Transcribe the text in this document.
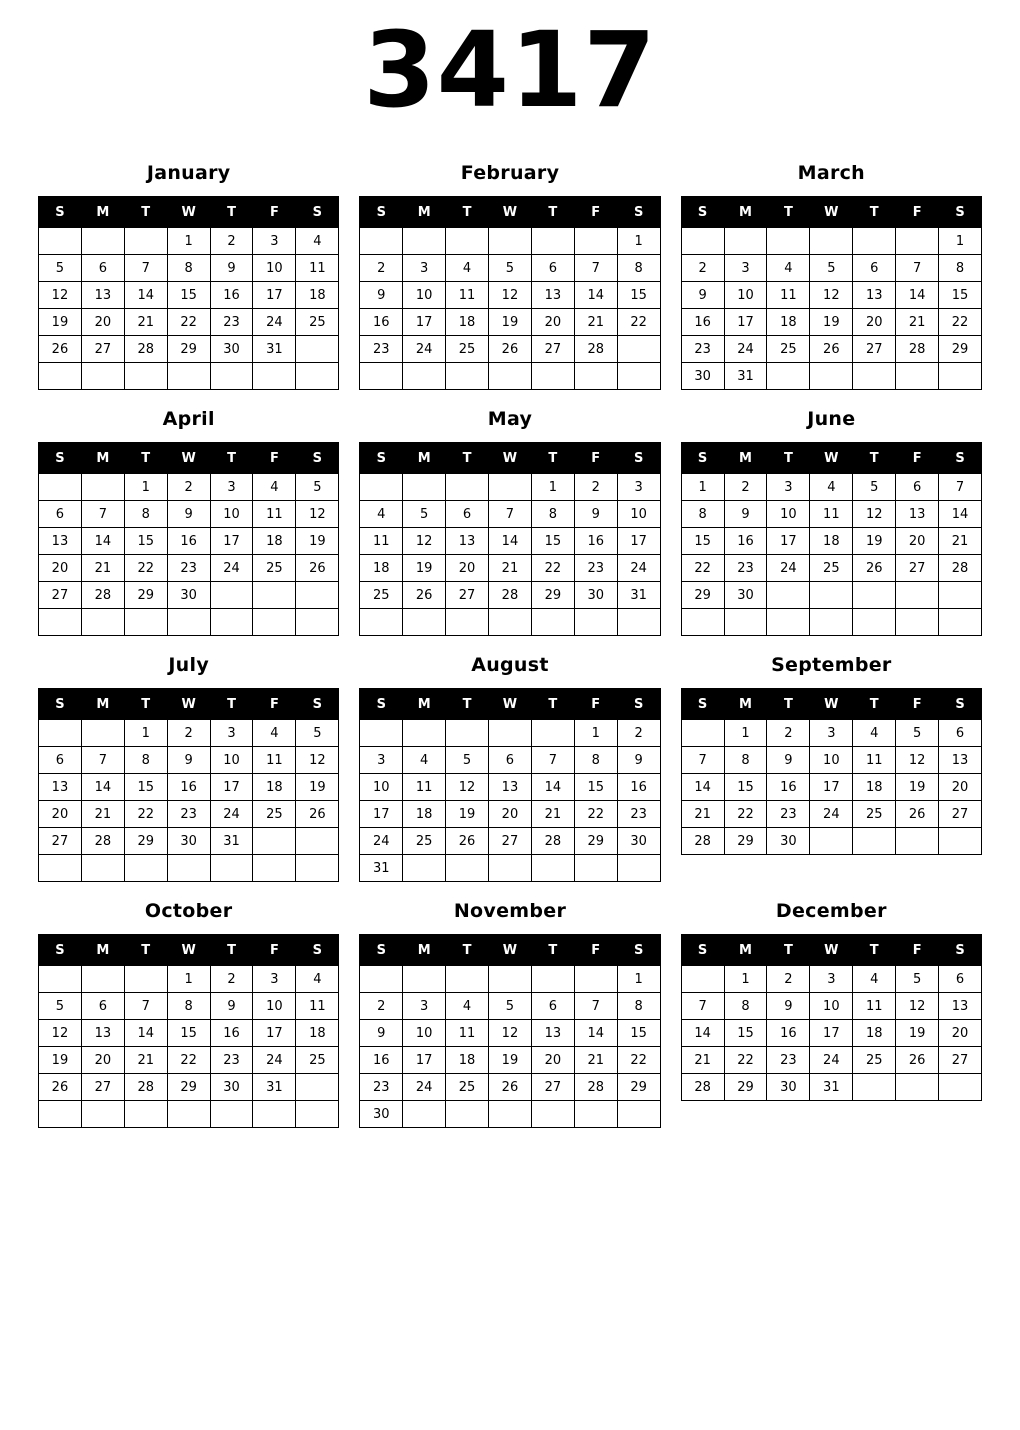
3417
January
S	M	T	W	T	F	S
			1	2	3	4
5	6	7	8	9	10	11
12	13	14	15	16	17	18
19	20	21	22	23	24	25
26	27	28	29	30	31	

February
S	M	T	W	T	F	S
						1
2	3	4	5	6	7	8
9	10	11	12	13	14	15
16	17	18	19	20	21	22
23	24	25	26	27	28	

March
S	M	T	W	T	F	S
						1
2	3	4	5	6	7	8
9	10	11	12	13	14	15
16	17	18	19	20	21	22
23	24	25	26	27	28	29
30	31					
April
S	M	T	W	T	F	S
		1	2	3	4	5
6	7	8	9	10	11	12
13	14	15	16	17	18	19
20	21	22	23	24	25	26
27	28	29	30			

May
S	M	T	W	T	F	S
				1	2	3
4	5	6	7	8	9	10
11	12	13	14	15	16	17
18	19	20	21	22	23	24
25	26	27	28	29	30	31

June
S	M	T	W	T	F	S
1	2	3	4	5	6	7
8	9	10	11	12	13	14
15	16	17	18	19	20	21
22	23	24	25	26	27	28
29	30					

July
S	M	T	W	T	F	S
		1	2	3	4	5
6	7	8	9	10	11	12
13	14	15	16	17	18	19
20	21	22	23	24	25	26
27	28	29	30	31		

August
S	M	T	W	T	F	S
					1	2
3	4	5	6	7	8	9
10	11	12	13	14	15	16
17	18	19	20	21	22	23
24	25	26	27	28	29	30
31						
September
S	M	T	W	T	F	S
	1	2	3	4	5	6
7	8	9	10	11	12	13
14	15	16	17	18	19	20
21	22	23	24	25	26	27
28	29	30				
October
S	M	T	W	T	F	S
			1	2	3	4
5	6	7	8	9	10	11
12	13	14	15	16	17	18
19	20	21	22	23	24	25
26	27	28	29	30	31	

November
S	M	T	W	T	F	S
						1
2	3	4	5	6	7	8
9	10	11	12	13	14	15
16	17	18	19	20	21	22
23	24	25	26	27	28	29
30						
December
S	M	T	W	T	F	S
	1	2	3	4	5	6
7	8	9	10	11	12	13
14	15	16	17	18	19	20
21	22	23	24	25	26	27
28	29	30	31			
